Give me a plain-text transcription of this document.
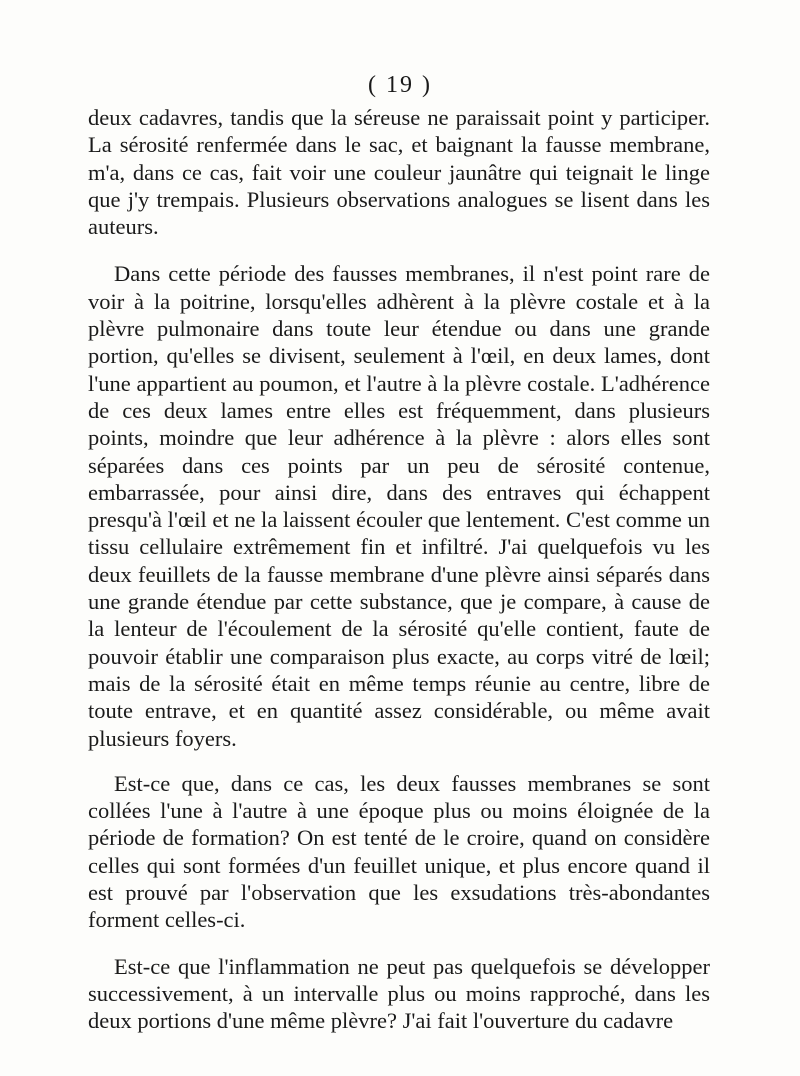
( 19 )

deux cadavres, tandis que la séreuse ne paraissait point y participer. La sérosité renfermée dans le sac, et baignant la fausse membrane, m'a, dans ce cas, fait voir une couleur jaunâtre qui teignait le linge que j'y trempais. Plusieurs observations analogues se lisent dans les auteurs.

Dans cette période des fausses membranes, il n'est point rare de voir à la poitrine, lorsqu'elles adhèrent à la plèvre costale et à la plèvre pulmonaire dans toute leur étendue ou dans une grande portion, qu'elles se divisent, seulement à l'œil, en deux lames, dont l'une appartient au poumon, et l'autre à la plèvre costale. L'adhérence de ces deux lames entre elles est fréquemment, dans plusieurs points, moindre que leur adhérence à la plèvre : alors elles sont séparées dans ces points par un peu de sérosité contenue, embarrassée, pour ainsi dire, dans des entraves qui échappent presqu'à l'œil et ne la laissent écouler que lentement. C'est comme un tissu cellulaire extrêmement fin et infiltré. J'ai quelquefois vu les deux feuillets de la fausse membrane d'une plèvre ainsi séparés dans une grande étendue par cette substance, que je compare, à cause de la lenteur de l'écoulement de la sérosité qu'elle contient, faute de pouvoir établir une comparaison plus exacte, au corps vitré de lœil; mais de la sérosité était en même temps réunie au centre, libre de toute entrave, et en quantité assez considérable, ou même avait plusieurs foyers.

Est-ce que, dans ce cas, les deux fausses membranes se sont collées l'une à l'autre à une époque plus ou moins éloignée de la période de formation? On est tenté de le croire, quand on considère celles qui sont formées d'un feuillet unique, et plus encore quand il est prouvé par l'observation que les exsudations très-abondantes forment celles-ci.

Est-ce que l'inflammation ne peut pas quelquefois se développer successivement, à un intervalle plus ou moins rapproché, dans les deux portions d'une même plèvre? J'ai fait l'ouverture du cadavre
